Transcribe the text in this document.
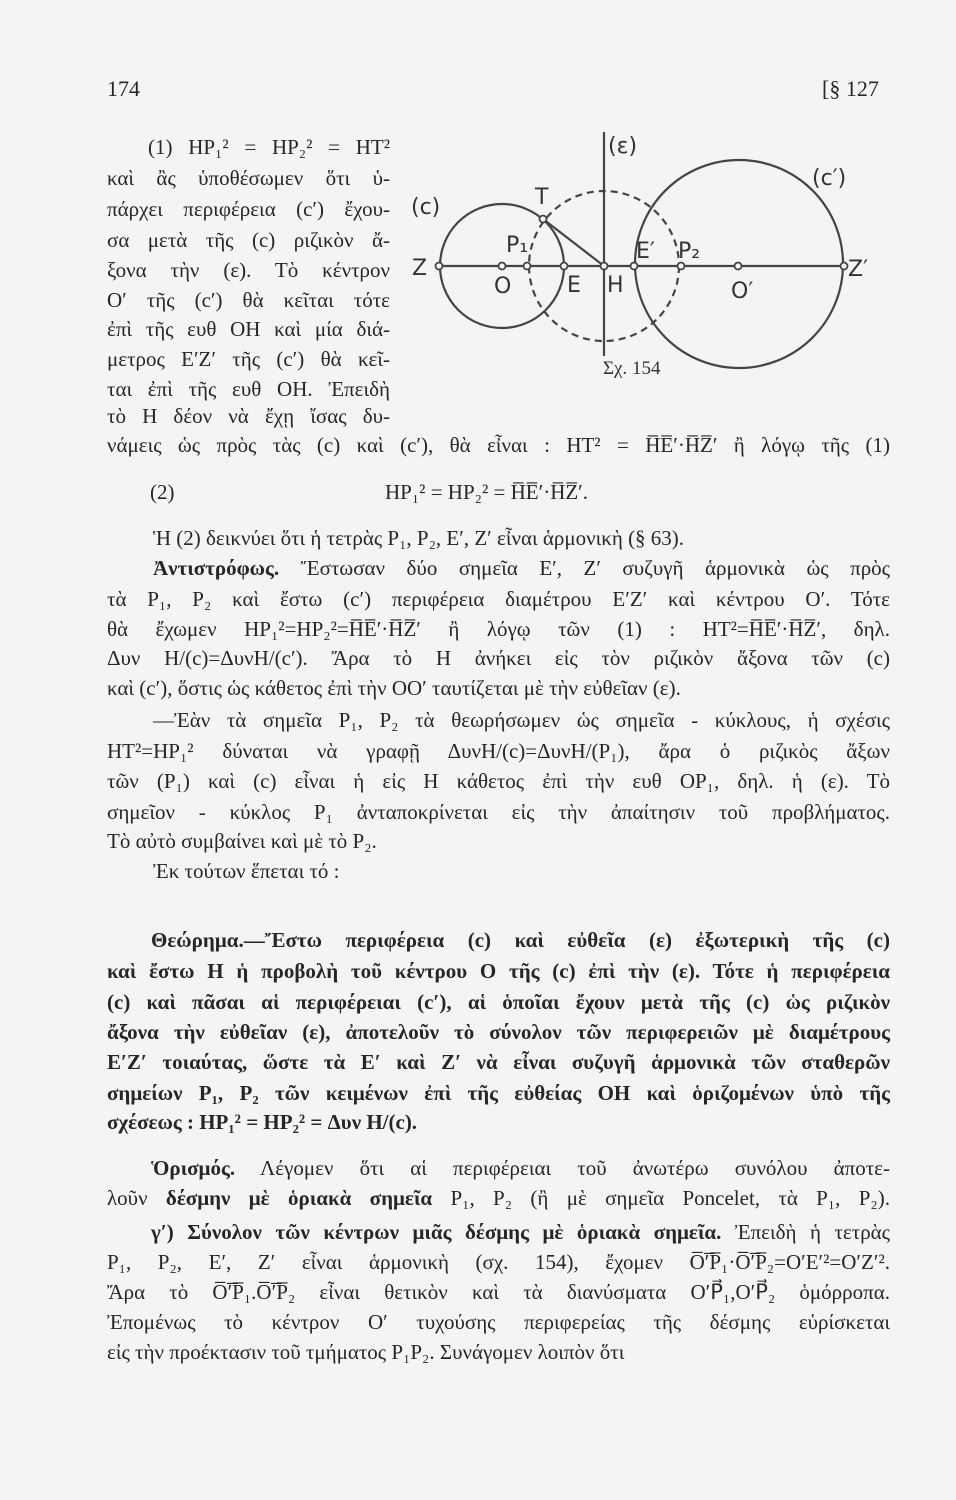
174	[§ 127
(ε)
(c′)
(c)	T
P₁
Z
O	E H
E′ P₂
O′
Z′
Σχ. 154
(1) HP₁² = HP₂² = HT²
καὶ ἂς ὑποθέσωμεν ὅτι ὑ-
πάρχει περιφέρεια (c′) ἔχου-
σα μετὰ τῆς (c) ριζικὸν ἄ-
ξονα τὴν (ε). Τὸ κέντρον
Ο′ τῆς (c′) θὰ κεῖται τότε
ἐπὶ τῆς ευθ ΟΗ καὶ μία διά-
μετρος Ε′Ζ′ τῆς (c′) θὰ κεῖ-
ται ἐπὶ τῆς ευθ ΟΗ. Ἐπειδὴ
τὸ Η δέον νὰ ἔχῃ ἴσας δυ-
νάμεις ὡς πρὸς τὰς (c) καὶ (c′), θὰ εἶναι : HT² = H̅E̅′·H̅Z̅′ ἢ λόγῳ τῆς (1)
(2)	HP₁² = HP₂² = H̅E̅′·H̅Z̅′.
Ἡ (2) δεικνύει ὅτι ἡ τετρὰς P₁, P₂, Ε′, Ζ′ εἶναι ἁρμονικὴ (§ 63).
Ἀντιστρόφως. Ἔστωσαν δύο σημεῖα Ε′, Ζ′ συζυγῆ ἁρμονικὰ ὡς πρὸς
τὰ P₁, P₂ καὶ ἔστω (c′) περιφέρεια διαμέτρου Ε′Ζ′ καὶ κέντρου Ο′. Τότε
θὰ ἔχωμεν HP₁²=HP₂²=H̅E̅′·H̅Z̅′ ἢ λόγῳ τῶν (1) : HT²=H̅E̅′·H̅Z̅′, δηλ.
Δυν Η/(c)=ΔυνΗ/(c′). Ἄρα τὸ Η ἀνήκει εἰς τὸν ριζικὸν ἄξονα τῶν (c)
καὶ (c′), ὅστις ὡς κάθετος ἐπὶ τὴν ΟΟ′ ταυτίζεται μὲ τὴν εὐθεῖαν (ε).
—Ἐὰν τὰ σημεῖα P₁, P₂ τὰ θεωρήσωμεν ὡς σημεῖα - κύκλους, ἡ σχέσις
HT²=HP₁² δύναται νὰ γραφῇ ΔυνΗ/(c)=ΔυνΗ/(P₁), ἄρα ὁ ριζικὸς ἄξων
τῶν (P₁) καὶ (c) εἶναι ἡ εἰς Η κάθετος ἐπὶ τὴν ευθ ΟP₁, δηλ. ἡ (ε). Τὸ
σημεῖον - κύκλος P₁ ἀνταποκρίνεται εἰς τὴν ἀπαίτησιν τοῦ προβλήματος.
Τὸ αὐτὸ συμβαίνει καὶ μὲ τὸ P₂.
Ἐκ τούτων ἕπεται τό :
Θεώρημα.—Ἔστω περιφέρεια (c) καὶ εὐθεῖα (ε) ἐξωτερικὴ τῆς (c)
καὶ ἔστω Η ἡ προβολὴ τοῦ κέντρου Ο τῆς (c) ἐπὶ τὴν (ε). Τότε ἡ περιφέρεια
(c) καὶ πᾶσαι αἱ περιφέρειαι (c′), αἱ ὁποῖαι ἔχουν μετὰ τῆς (c) ὡς ριζικὸν
ἄξονα τὴν εὐθεῖαν (ε), ἀποτελοῦν τὸ σύνολον τῶν περιφερειῶν μὲ διαμέτρους
Ε′Ζ′ τοιαύτας, ὥστε τὰ Ε′ καὶ Ζ′ νὰ εἶναι συζυγῆ ἁρμονικὰ τῶν σταθερῶν
σημείων P₁, P₂ τῶν κειμένων ἐπὶ τῆς εὐθείας ΟΗ καὶ ὁριζομένων ὑπὸ τῆς
σχέσεως : HP₁² = HP₂² = Δυν Η/(c).
Ὁρισμός. Λέγομεν ὅτι αἱ περιφέρειαι τοῦ ἀνωτέρω συνόλου ἀποτε-
λοῦν δέσμην μὲ ὁριακὰ σημεῖα P₁, P₂ (ἢ μὲ σημεῖα Poncelet, τὰ P₁, P₂).
γ′) Σύνολον τῶν κέντρων μιᾶς δέσμης μὲ ὁριακὰ σημεῖα. Ἐπειδὴ ἡ τετρὰς
P₁, P₂, Ε′, Ζ′ εἶναι ἁρμονικὴ (σχ. 154), ἔχομεν O̅′̅P̅₁·O̅′̅P̅₂=Ο′Ε′²=Ο′Ζ′².
Ἄρα τὸ O̅′̅P̅₁.O̅′̅P̅₂ εἶναι θετικὸν καὶ τὰ διανύσματα O′P⃗₁,O′P⃗₂ ὁμόρροπα.
Ἐπομένως τὸ κέντρον Ο′ τυχούσης περιφερείας τῆς δέσμης εὑρίσκεται
εἰς τὴν προέκτασιν τοῦ τμήματος P₁P₂. Συνάγομεν λοιπὸν ὅτι
